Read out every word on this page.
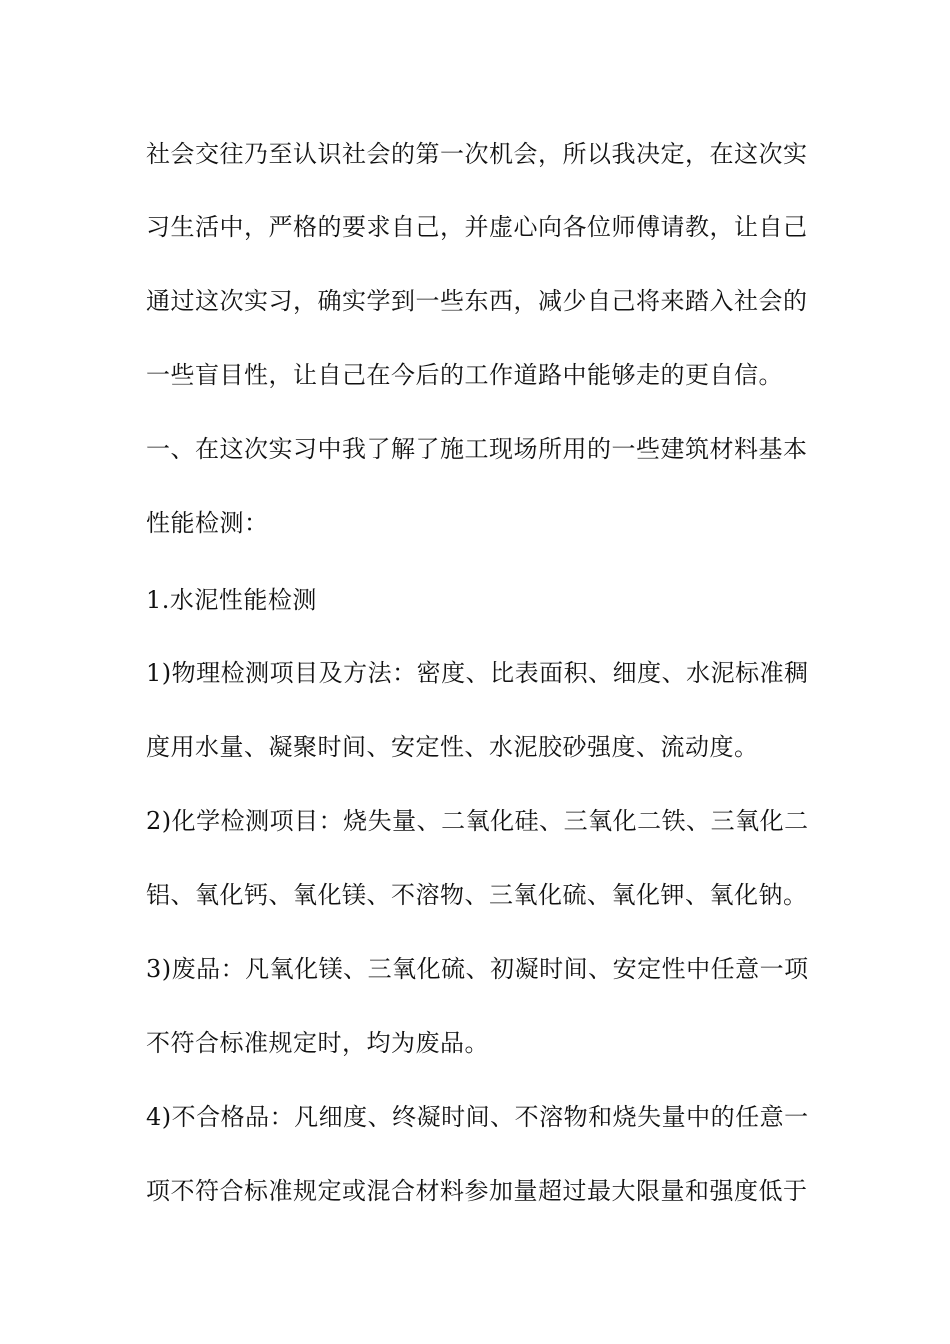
社会交往乃至认识社会的第一次机会，所以我决定，在这次实
习生活中，严格的要求自己，并虚心向各位师傅请教，让自己
通过这次实习，确实学到一些东西，减少自己将来踏入社会的
一些盲目性，让自己在今后的工作道路中能够走的更自信。
一、在这次实习中我了解了施工现场所用的一些建筑材料基本
性能检测：
1.水泥性能检测
1)物理检测项目及方法：密度、比表面积、细度、水泥标准稠
度用水量、凝聚时间、安定性、水泥胶砂强度、流动度。
2)化学检测项目：烧失量、二氧化硅、三氧化二铁、三氧化二
铝、氧化钙、氧化镁、不溶物、三氧化硫、氧化钾、氧化钠。
3)废品：凡氧化镁、三氧化硫、初凝时间、安定性中任意一项
不符合标准规定时，均为废品。
4)不合格品：凡细度、终凝时间、不溶物和烧失量中的任意一
项不符合标准规定或混合材料参加量超过最大限量和强度低于
